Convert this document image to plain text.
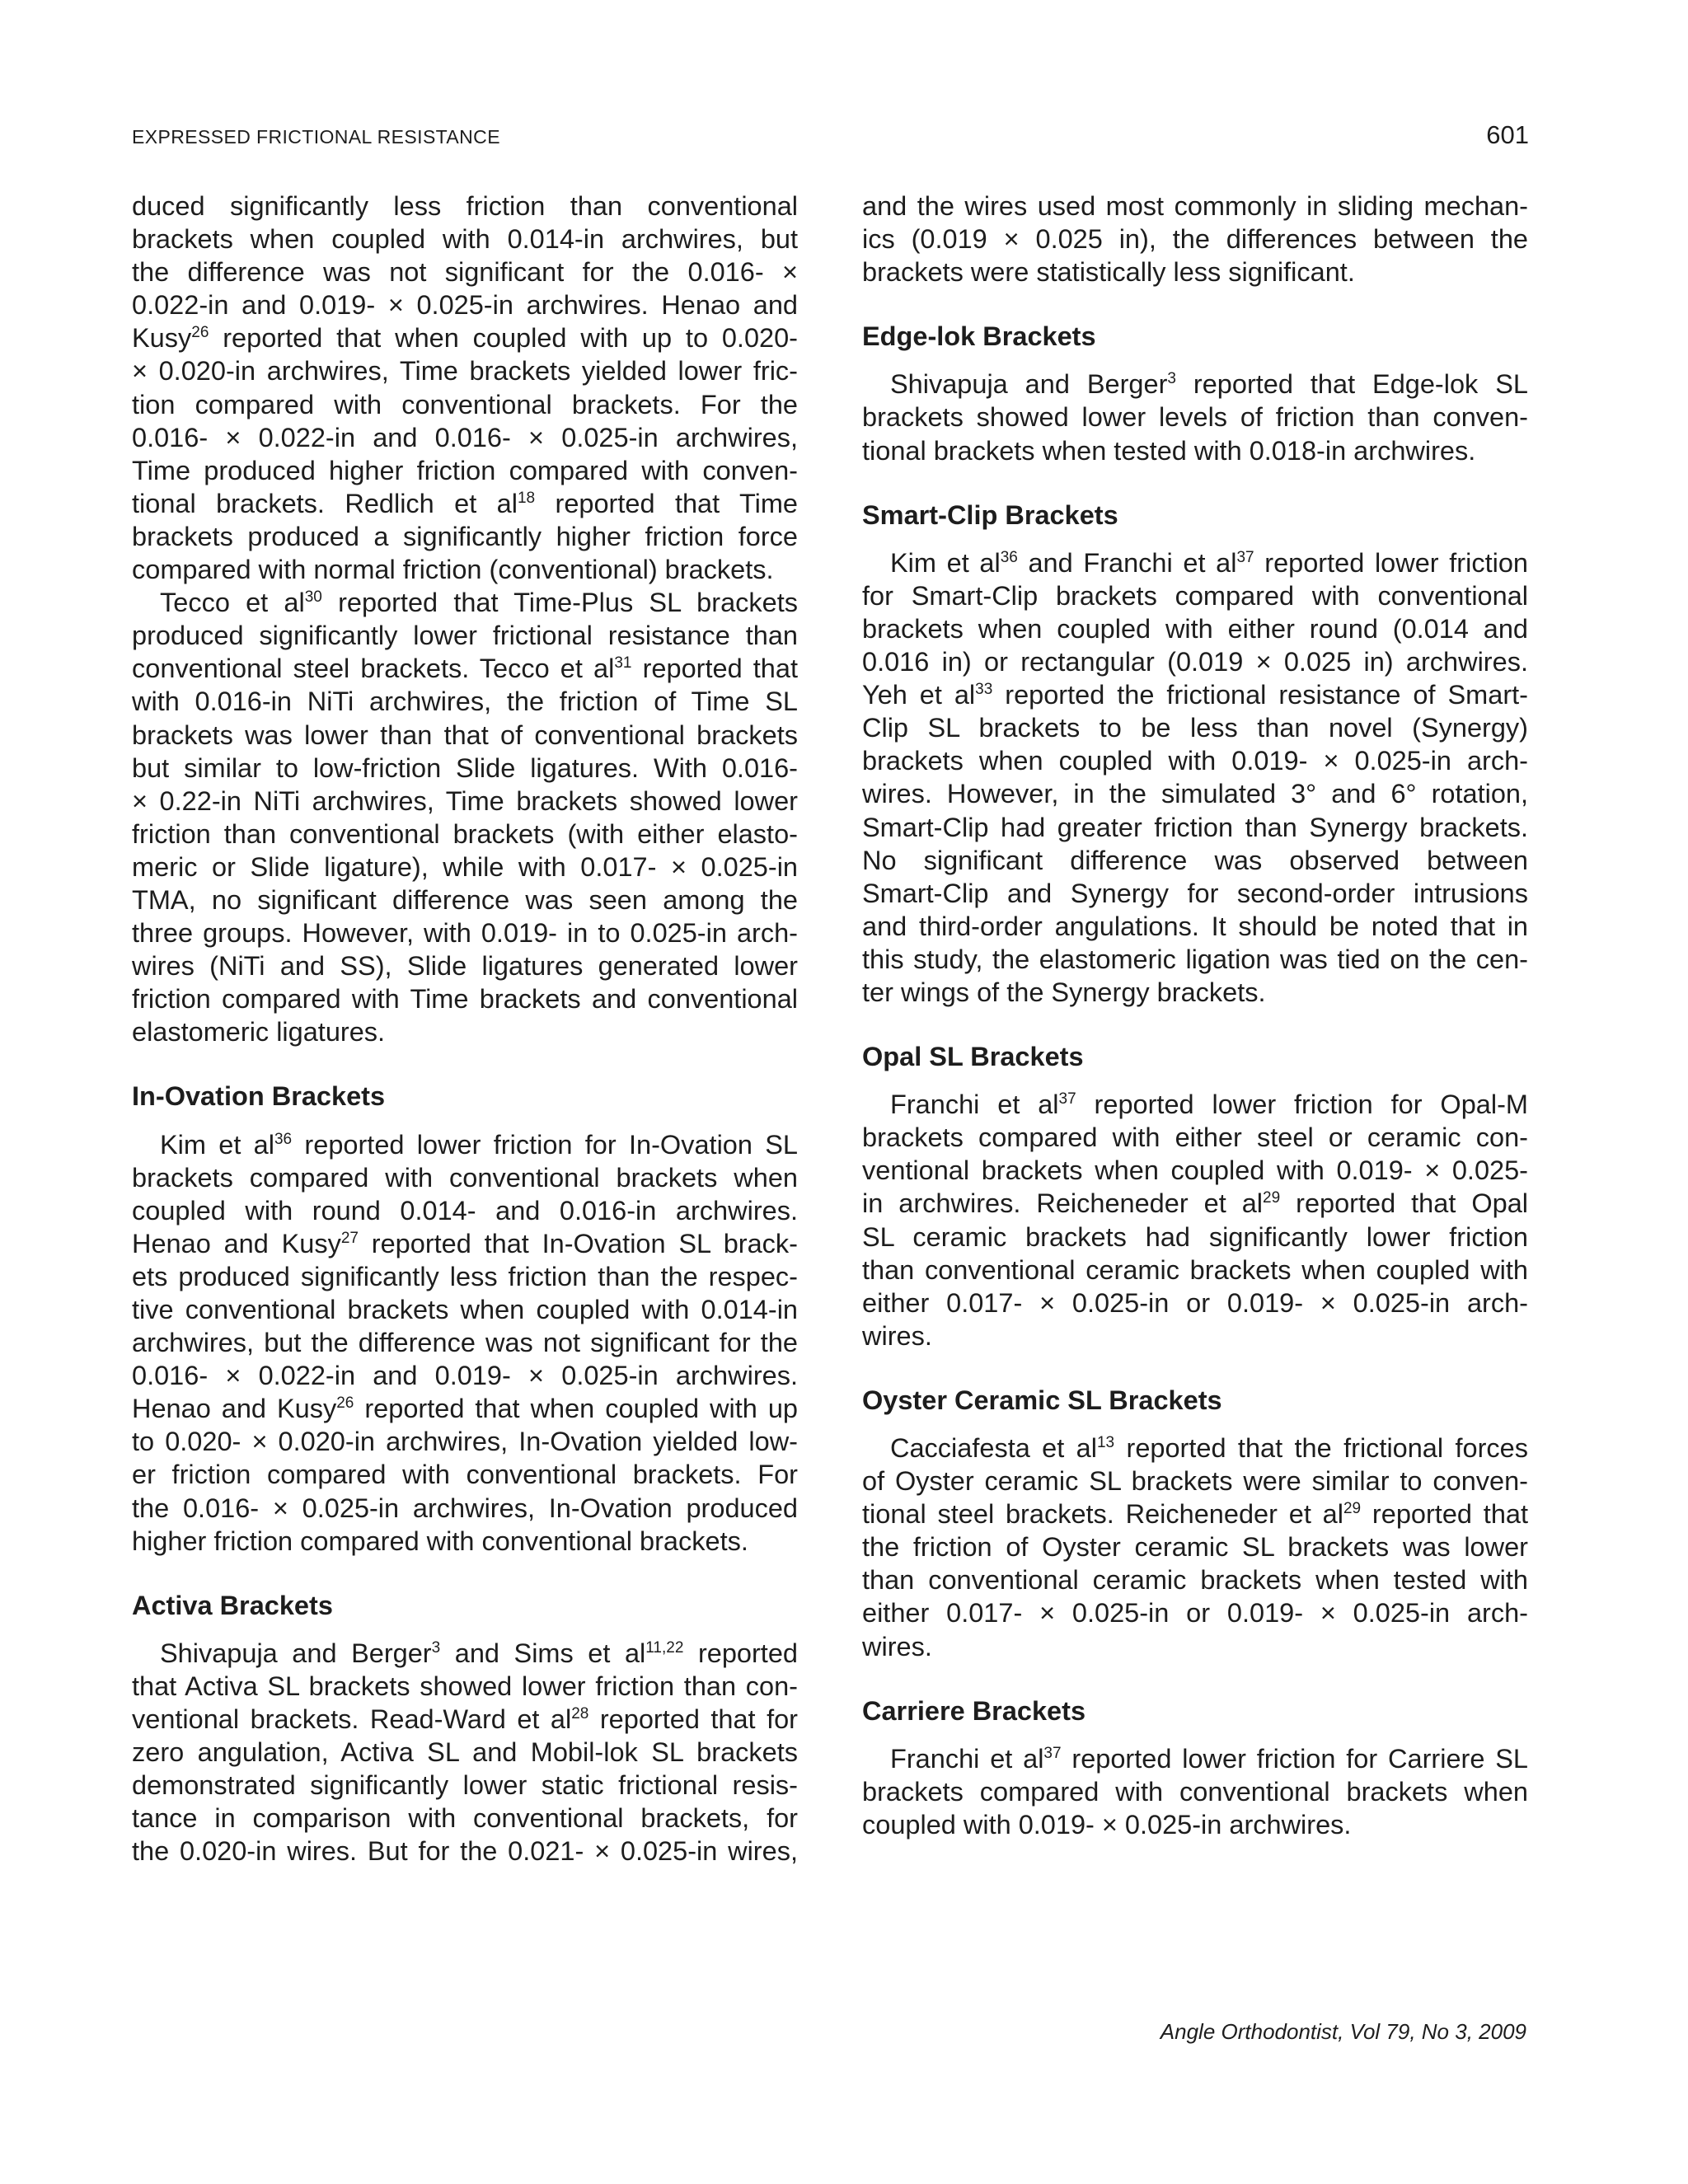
EXPRESSED FRICTIONAL RESISTANCE	601
duced significantly less friction than conventional
brackets when coupled with 0.014-in archwires, but
the difference was not significant for the 0.016- ×
0.022-in and 0.019- × 0.025-in archwires. Henao and
Kusy$^{26}$ reported that when coupled with up to 0.020-
× 0.020-in archwires, Time brackets yielded lower fric-
tion compared with conventional brackets. For the
0.016- × 0.022-in and 0.016- × 0.025-in archwires,
Time produced higher friction compared with conven-
tional brackets. Redlich et al$^{18}$ reported that Time
brackets produced a significantly higher friction force
compared with normal friction (conventional) brackets.
Tecco et al$^{30}$ reported that Time-Plus SL brackets
produced significantly lower frictional resistance than
conventional steel brackets. Tecco et al$^{31}$ reported that
with 0.016-in NiTi archwires, the friction of Time SL
brackets was lower than that of conventional brackets
but similar to low-friction Slide ligatures. With 0.016-
× 0.22-in NiTi archwires, Time brackets showed lower
friction than conventional brackets (with either elasto-
meric or Slide ligature), while with 0.017- × 0.025-in
TMA, no significant difference was seen among the
three groups. However, with 0.019- in to 0.025-in arch-
wires (NiTi and SS), Slide ligatures generated lower
friction compared with Time brackets and conventional
elastomeric ligatures.
In-Ovation Brackets
Kim et al$^{36}$ reported lower friction for In-Ovation SL
brackets compared with conventional brackets when
coupled with round 0.014- and 0.016-in archwires.
Henao and Kusy$^{27}$ reported that In-Ovation SL brack-
ets produced significantly less friction than the respec-
tive conventional brackets when coupled with 0.014-in
archwires, but the difference was not significant for the
0.016- × 0.022-in and 0.019- × 0.025-in archwires.
Henao and Kusy$^{26}$ reported that when coupled with up
to 0.020- × 0.020-in archwires, In-Ovation yielded low-
er friction compared with conventional brackets. For
the 0.016- × 0.025-in archwires, In-Ovation produced
higher friction compared with conventional brackets.
Activa Brackets
Shivapuja and Berger$^3$ and Sims et al$^{11,22}$ reported
that Activa SL brackets showed lower friction than con-
ventional brackets. Read-Ward et al$^{28}$ reported that for
zero angulation, Activa SL and Mobil-lok SL brackets
demonstrated significantly lower static frictional resis-
tance in comparison with conventional brackets, for
the 0.020-in wires. But for the 0.021- × 0.025-in wires,
and the wires used most commonly in sliding mechan-
ics (0.019 × 0.025 in), the differences between the
brackets were statistically less significant.
Edge-lok Brackets
Shivapuja and Berger$^3$ reported that Edge-lok SL
brackets showed lower levels of friction than conven-
tional brackets when tested with 0.018-in archwires.
Smart-Clip Brackets
Kim et al$^{36}$ and Franchi et al$^{37}$ reported lower friction
for Smart-Clip brackets compared with conventional
brackets when coupled with either round (0.014 and
0.016 in) or rectangular (0.019 × 0.025 in) archwires.
Yeh et al$^{33}$ reported the frictional resistance of Smart-
Clip SL brackets to be less than novel (Synergy)
brackets when coupled with 0.019- × 0.025-in arch-
wires. However, in the simulated 3° and 6° rotation,
Smart-Clip had greater friction than Synergy brackets.
No significant difference was observed between
Smart-Clip and Synergy for second-order intrusions
and third-order angulations. It should be noted that in
this study, the elastomeric ligation was tied on the cen-
ter wings of the Synergy brackets.
Opal SL Brackets
Franchi et al$^{37}$ reported lower friction for Opal-M
brackets compared with either steel or ceramic con-
ventional brackets when coupled with 0.019- × 0.025-
in archwires. Reicheneder et al$^{29}$ reported that Opal
SL ceramic brackets had significantly lower friction
than conventional ceramic brackets when coupled with
either 0.017- × 0.025-in or 0.019- × 0.025-in arch-
wires.
Oyster Ceramic SL Brackets
Cacciafesta et al$^{13}$ reported that the frictional forces
of Oyster ceramic SL brackets were similar to conven-
tional steel brackets. Reicheneder et al$^{29}$ reported that
the friction of Oyster ceramic SL brackets was lower
than conventional ceramic brackets when tested with
either 0.017- × 0.025-in or 0.019- × 0.025-in arch-
wires.
Carriere Brackets
Franchi et al$^{37}$ reported lower friction for Carriere SL
brackets compared with conventional brackets when
coupled with 0.019- × 0.025-in archwires.
Angle Orthodontist, Vol 79, No 3, 2009
